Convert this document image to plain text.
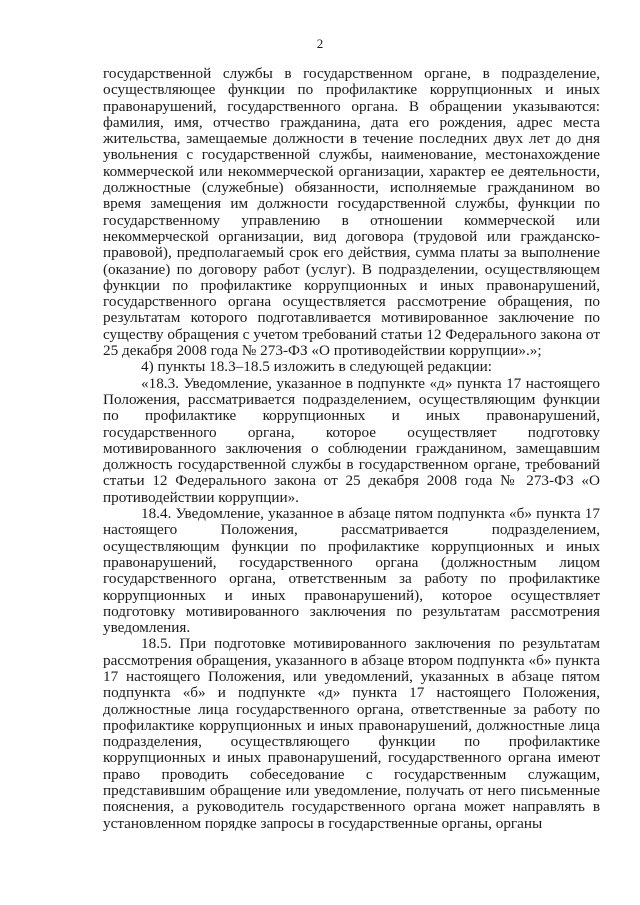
2

государственной службы в государственном органе, в подразделение, осуществляющее функции по профилактике коррупционных и иных правонарушений, государственного органа. В обращении указываются: фамилия, имя, отчество гражданина, дата его рождения, адрес места жительства, замещаемые должности в течение последних двух лет до дня увольнения с государственной службы, наименование, местонахождение коммерческой или некоммерческой организации, характер ее деятельности, должностные (служебные) обязанности, исполняемые гражданином во время замещения им должности государственной службы, функции по государственному управлению в отношении коммерческой или некоммерческой организации, вид договора (трудовой или гражданско-правовой), предполагаемый срок его действия, сумма платы за выполнение (оказание) по договору работ (услуг). В подразделении, осуществляющем функции по профилактике коррупционных и иных правонарушений, государственного органа осуществляется рассмотрение обращения, по результатам которого подготавливается мотивированное заключение по существу обращения с учетом требований статьи 12 Федерального закона от 25 декабря 2008 года № 273-ФЗ «О противодействии коррупции».»;

4) пункты 18.3–18.5 изложить в следующей редакции:

«18.3. Уведомление, указанное в подпункте «д» пункта 17 настоящего Положения, рассматривается подразделением, осуществляющим функции по профилактике коррупционных и иных правонарушений, государственного органа, которое осуществляет подготовку мотивированного заключения о соблюдении гражданином, замещавшим должность государственной службы в государственном органе, требований статьи 12 Федерального закона от 25 декабря 2008 года № 273-ФЗ «О противодействии коррупции».

18.4. Уведомление, указанное в абзаце пятом подпункта «б» пункта 17 настоящего Положения, рассматривается подразделением, осуществляющим функции по профилактике коррупционных и иных правонарушений, государственного органа (должностным лицом государственного органа, ответственным за работу по профилактике коррупционных и иных правонарушений), которое осуществляет подготовку мотивированного заключения по результатам рассмотрения уведомления.

18.5. При подготовке мотивированного заключения по результатам рассмотрения обращения, указанного в абзаце втором подпункта «б» пункта 17 настоящего Положения, или уведомлений, указанных в абзаце пятом подпункта «б» и подпункте «д» пункта 17 настоящего Положения, должностные лица государственного органа, ответственные за работу по профилактике коррупционных и иных правонарушений, должностные лица подразделения, осуществляющего функции по профилактике коррупционных и иных правонарушений, государственного органа имеют право проводить собеседование с государственным служащим, представившим обращение или уведомление, получать от него письменные пояснения, а руководитель государственного органа может направлять в установленном порядке запросы в государственные органы, органы
